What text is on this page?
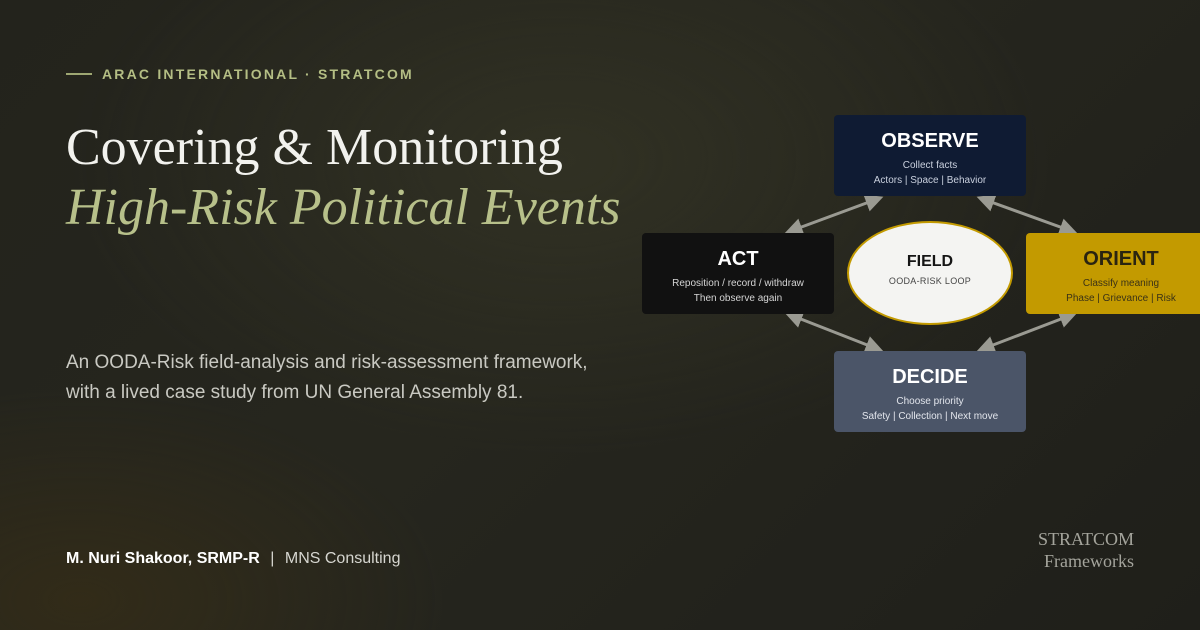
ARAC INTERNATIONAL · STRATCOM
Covering & Monitoring
High-Risk Political Events

An OODA-Risk field-analysis and risk-assessment framework, with a lived case study from UN General Assembly 81.

M. Nuri Shakoor, SRMP-R | MNS Consulting
STRATCOM
Frameworks
OBSERVE
Collect facts
Actors | Space | Behavior
ACT
Reposition / record / withdraw
Then observe again
ORIENT
Classify meaning
Phase | Grievance | Risk
DECIDE
Choose priority
Safety | Collection | Next move
FIELD
OODA-RISK LOOP
